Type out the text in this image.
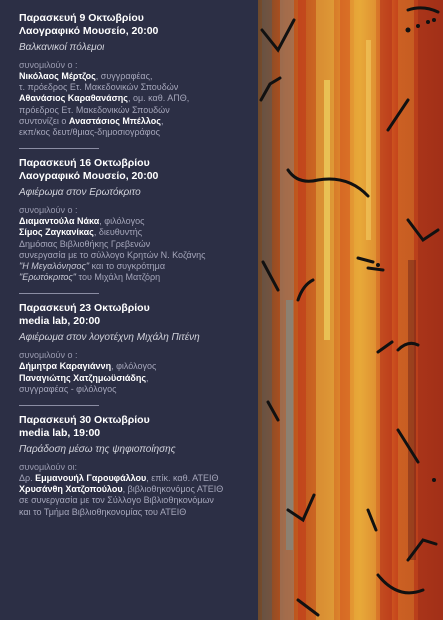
Παρασκευή 9 Οκτωβρίου
Λαογραφικό Μουσείο, 20:00
Βαλκανικοί πόλεμοι
συνομιλούν ο :
Νικόλαος Μέρτζος, συγγραφέας,
τ. πρόεδρος Ετ. Μακεδονικών Σπουδών
Αθανάσιος Καραθανάσης, ομ. καθ. ΑΠΘ,
πρόεδρος Ετ. Μακεδονικών Σπουδών
συντονίζει ο Αναστάσιος Μπέλλος,
εκπ/κος δευτ/θμιας-δημοσιογράφος
Παρασκευή 16 Οκτωβρίου
Λαογραφικό Μουσείο, 20:00
Αφιέρωμα στον Ερωτόκριτο
συνομιλούν ο :
Διαμαντούλα Νάκα, φιλόλογος
Σίμος Ζαγκανίκας, διευθυντής
Δημόσιας Βιβλιοθήκης Γρεβενών
συνεργασία με το σύλλογο Κρητών Ν. Κοζάνης
"Η Μεγαλόνησος" και το συγκρότημα
"Ερωτόκριτος" του Μιχάλη Ματζόρη
Παρασκευή 23 Οκτωβρίου
media lab, 20:00
Αφιέρωμα στον λογοτέχνη Μιχάλη Πιτένη
συνομιλούν ο :
Δήμητρα Καραγιάννη, φιλόλογος
Παναγιώτης Χατζημωϋσιάδης,
συγγραφέας - φιλόλογος
Παρασκευή 30 Οκτωβρίου
media lab, 19:00
Παράδοση μέσω της ψηφιοποίησης
συνομιλούν οι:
Δρ. Εμμανουήλ Γαρουφάλλου, επίκ. καθ. ΑΤΕΙΘ
Χρυσάνθη Χατζοπούλου, βιβλιοθηκονόμος ΑΤΕΙΘ
σε συνεργασία με τον Σύλλογο Βιβλιοθηκονόμων
και το Τμήμα Βιβλιοθηκονομίας του ΑΤΕΙΘ
